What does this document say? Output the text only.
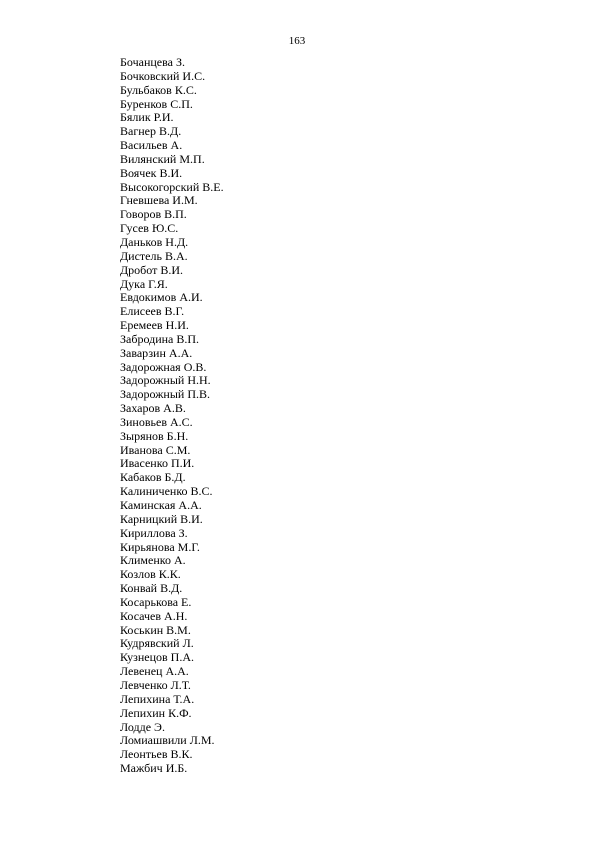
163
Бочанцева З.
Бочковский И.С.
Бульбаков К.С.
Буренков С.П.
Бялик Р.И.
Вагнер В.Д.
Васильев А.
Вилянский М.П.
Воячек В.И.
Высокогорский В.Е.
Гневшева И.М.
Говоров В.П.
Гусев Ю.С.
Даньков Н.Д.
Дистель В.А.
Дробот В.И.
Дука Г.Я.
Евдокимов А.И.
Елисеев В.Г.
Еремеев Н.И.
Забродина В.П.
Заварзин А.А.
Задорожная О.В.
Задорожный Н.Н.
Задорожный П.В.
Захаров А.В.
Зиновьев А.С.
Зырянов Б.Н.
Иванова С.М.
Ивасенко П.И.
Кабаков Б.Д.
Калиниченко В.С.
Каминская А.А.
Карницкий В.И.
Кириллова З.
Кирьянова М.Г.
Клименко А.
Козлов К.К.
Конвай В.Д.
Косарькова Е.
Косачев А.Н.
Коськин В.М.
Кудрявский Л.
Кузнецов П.А.
Левенец А.А.
Левченко Л.Т.
Лепихина Т.А.
Лепихин К.Ф.
Лодде Э.
Ломиашвили Л.М.
Леонтьев В.К.
Мажбич И.Б.
